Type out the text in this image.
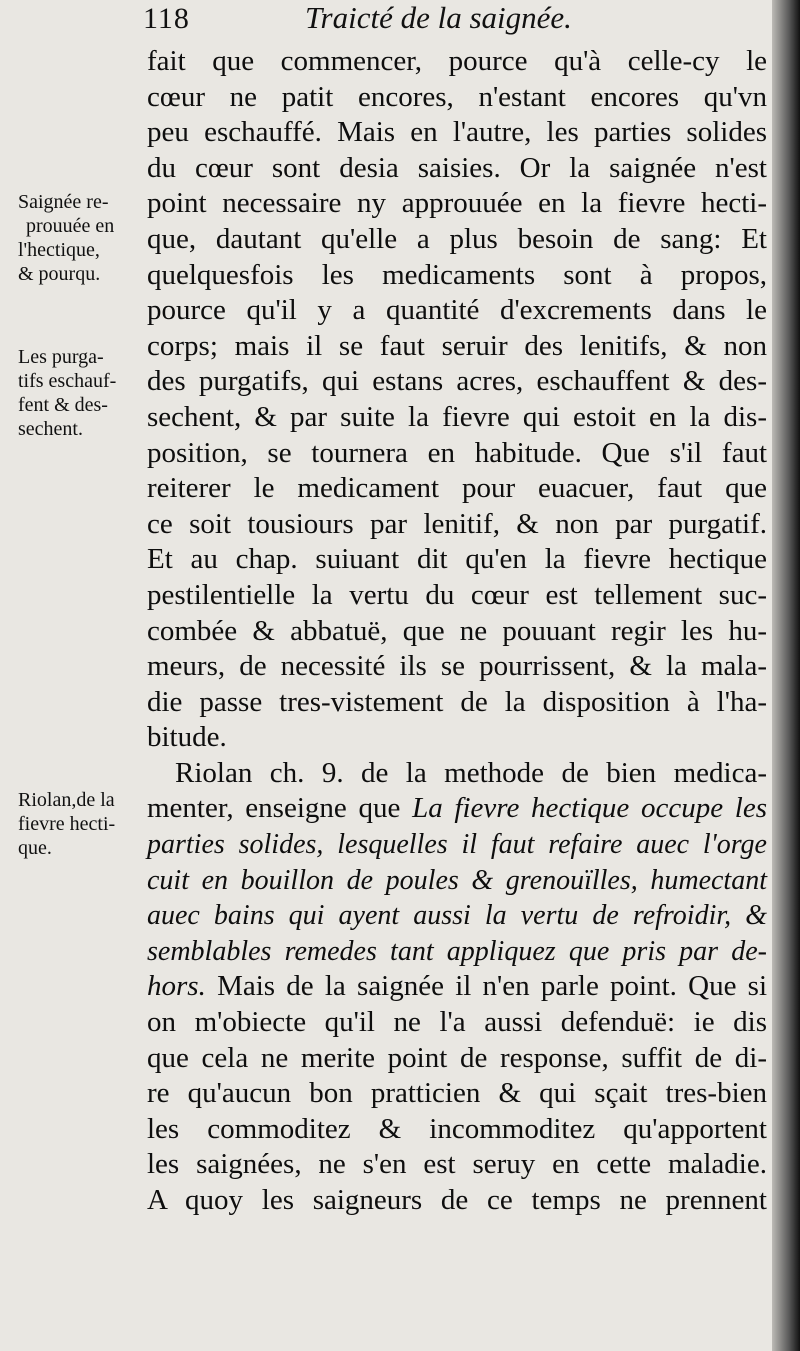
118	Traicté de la saignée.
Saignée re-
prouuée en
l'hectique,
& pourqu.
Les purga-
tifs eschauf-
fent & des-
sechent.
Riolan,de la
fievre hecti-
que.
fait que commencer, pource qu'à celle-cy le
cœur ne patit encores, n'estant encores qu'vn
peu eschauffé. Mais en l'autre, les parties solides
du cœur sont desia saisies. Or la saignée n'est
point necessaire ny approuuée en la fievre hecti-
que, dautant qu'elle a plus besoin de sang: Et
quelquesfois les medicaments sont à propos,
pource qu'il y a quantité d'excrements dans le
corps; mais il se faut seruir des lenitifs, & non
des purgatifs, qui estans acres, eschauffent & des-
sechent, & par suite la fievre qui estoit en la dis-
position, se tournera en habitude. Que s'il faut
reiterer le medicament pour euacuer, faut que
ce soit tousiours par lenitif, & non par purgatif.
Et au chap. suiuant dit qu'en la fievre hectique
pestilentielle la vertu du cœur est tellement suc-
combée & abbatuë, que ne pouuant regir les hu-
meurs, de necessité ils se pourrissent, & la mala-
die passe tres-vistement de la disposition à l'ha-
bitude.
Riolan ch. 9. de la methode de bien medica-
menter, enseigne que La fievre hectique occupe les
parties solides, lesquelles il faut refaire auec l'orge
cuit en bouillon de poules & grenouïlles, humectant
auec bains qui ayent aussi la vertu de refroidir, &
semblables remedes tant appliquez que pris par de-
hors. Mais de la saignée il n'en parle point. Que si
on m'obiecte qu'il ne l'a aussi defenduë: ie dis
que cela ne merite point de response, suffit de di-
re qu'aucun bon pratticien & qui sçait tres-bien
les commoditez & incommoditez qu'apportent
les saignées, ne s'en est seruy en cette maladie.
A quoy les saigneurs de ce temps ne prennent
